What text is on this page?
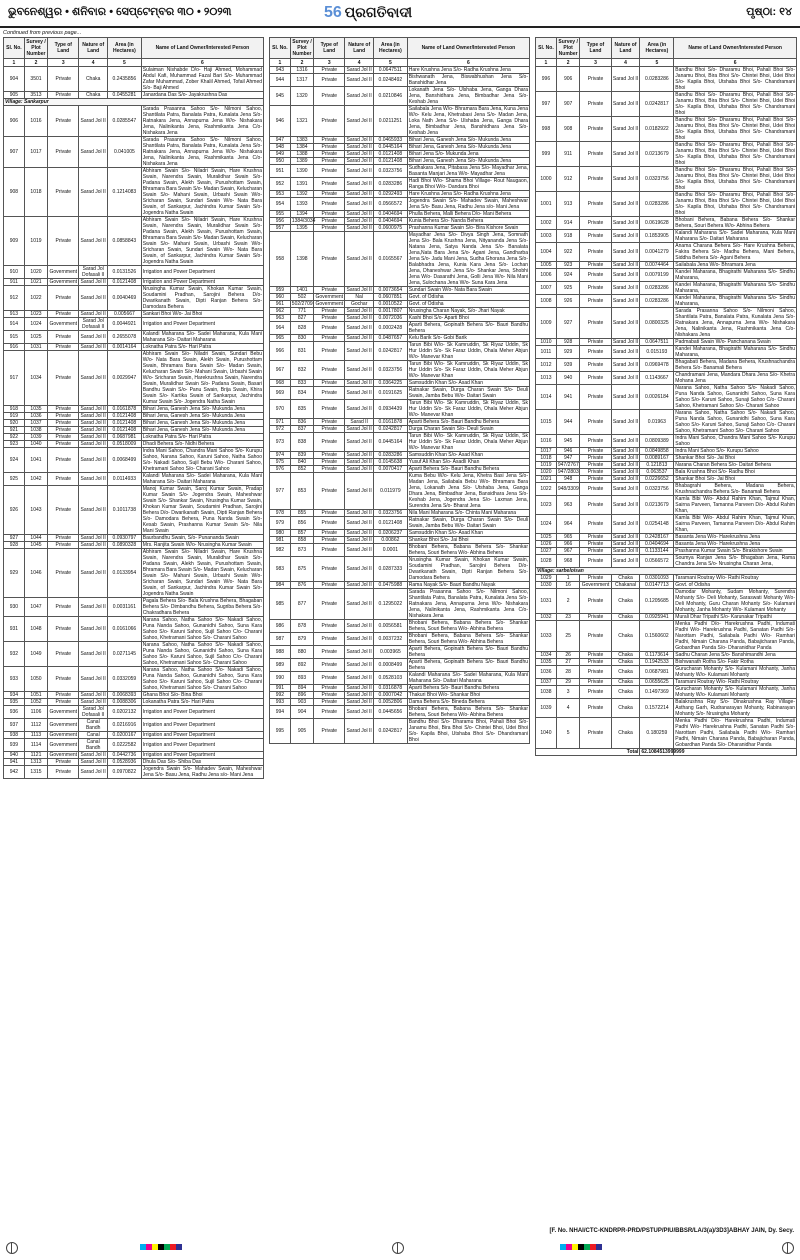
ଭୁବନେଶ୍ୱର • ଶନିବାର • ସେପ୍ଟେମ୍ବର ୩୦ • ୨୦୨୩	56 ପ୍ରଗତିବାଦୀ	ପୃଷ୍ଠା: ୧୪
Continued from previous page...
Sl. No.	Survey / Plot Number	Type of Land	Nature of Land	Area (in Hectares)	Name of Land Owner/Interested Person
1	2	3	4	5	6
904	3501	Private	Chaka	0.2435856	Sulaiman Nishabde D/o- Haji Ahmed, Mohammad Abdul Kafi, Muhammad Fazal Bari S/o- Muhammad Zafar Muhammad, Zober Khalil Ahmed, Tofail Ahmed S/o- Baji Ahmed
905	3513	Private	Chaka	0.0455281	Janardana Das S/o- Jayakrushna Das
Village: Sankarpur					
906	1016	Private	Sarad Jol II	0.0285547	Sarada Prasanna Sahoo S/o- Nilmoni Sahoo, Shantilata Patra, Banalata Patra, Kunalata Jena S/o- Ratnakara Jena, Annapurna Jena W/o- Nishakara Jena, Nalinikanta Jena, Rashmikanta Jena C/o- Nishakara Jena
907	1017	Private	Sarad Jol II	0.041005	Sarada Prasanna Sahoo S/o- Nilmoni Sahoo, Shantilata Patra, Banalata Patra, Kunalata Jena S/o- Ratnakara Jena, Annapurna Jena W/o- Nishakara Jena, Nalinikanta Jena, Rashmikanta Jena C/o- Nishakara Jena
908	1018	Private	Sarad Jol II	0.1214083	Abhiram Swain S/o- Niladri Swain, Hare Krushna Swain, Narendra Swain, Muralidhar Swain S/o- Padana Swain, Alekh Swain, Purushottam Swain, Bhramara Bara Swain S/o- Madan Swain, Kelucharan Swain S/o- Mahani Swain, Urbashi Swain W/o- Sricharan Swain, Sundari Swain W/o- Nata Bara Swain, of Sankarpur, Jachindra Kumar Swain S/o- Jogendra Natha Swain
909	1019	Private	Sarad Jol II	0.0858843	Abhiram Swain S/o- Niladri Swain, Hare Krushna Swain, Narendra Swain, Muralidhar Swain S/o- Padana Swain, Alekh Swain, Purushottam Swain, Bhramara Bara Swain S/o- Madan Swain, Kelucharan Swain S/o- Mahani Swain, Urbashi Swain W/o- Sricharan Swain, Sundari Swain W/o- Nata Bara Swain, of Sankarpur, Jachindra Kumar Swain S/o- Jogendra Natha Swain
910	1020	Government	Sarad Jol Dofasali II	0.0131526	Irrigation and Power Department
911	1021	Government	Sarad Jol II	0.0121408	Irrigation and Power Department
912	1022	Private	Sarad Jol II	0.0040469	Nrusingha Kumar Swain, Khokan Kumar Swain, Soudamini Pradhan, Sarojini Behera D/o- Dwarikanath Swain, Dipti Ranjan Behera S/o- Damodara Behera
913	1023	Private	Sarad Jol II	0.005667	Sankari Bhoi W/o- Jai Bhoi
914	1024	Government	Sarad Jol Dofasali II	0.0044921	Irrigation and Power Department
915	1025	Private	Sarad Jol II	0.2655078	Kalandi Maharana S/o- Sadei Maharana, Kula Mani Maharana S/o- Daitari Maharana
916	1031	Private	Sarad Jol II	0.0014164	Loknatha Patra S/o- Hari Patra
917	1034	Private	Sarad Jol II	0.0029947	Abhiram Swain S/o- Niladri Swain, Sundari Bebu W/o- Nata Bara Swain, Alekh Swain, Purushottam Swain, Bhramara Bara Swain S/o- Madan Swain, Kelucharan Swain S/o- Mahani Swain, Urbashi Swain W/o- Sricharan Swain, Harekrushna Swain, Narendra Swain, Muralidhar Swain S/o- Padana Swain, Basari Bandhu Swain S/o- Panu Swain, Brija Swain, Khira Swain S/o- Kartika Swain of Sankarpur, Jachindra Kumar Swain S/o- Jogendra Natha Swain
918	1035	Private	Sarad Jol II	0.0161878	Bihari Jena, Ganesh Jena S/o- Mukunda Jena
919	1036	Private	Sarad Jol II	0.0121408	Bihari Jena, Ganesh Jena S/o- Mukunda Jena
920	1037	Private	Sarad Jol II	0.0121408	Bihari Jena, Ganesh Jena S/o- Mukunda Jena
921	1038	Private	Sarad Jol II	0.0121408	Bihari Jena, Ganesh Jena S/o- Mukunda Jena
922	1039	Private	Sarad Jol II	0.0687981	Loknatha Patra S/o- Hari Patra
923	1040	Private	Sarad Jol II	0.0518009	Dhadi Behera S/o- Nidhi Behera
924	1041	Private	Sarad Jol II	0.0068499	Indra Mani Sahoo, Chandra Mani Sahoo S/o- Kurupu Sahoo, Narana Sahoo, Karuni Sahoo, Natha Sahoo S/o- Nakadi Sahoo, Sujil Bebu W/o- Charani Sahoo, Khetramani Sahoo S/o- Charani Sahoo
925	1042	Private	Sarad Jol II	0.0114933	Kalandi Maharana S/o- Sadei Maharana, Kula Mani Maharana S/o- Daitari Maharana
926	1043	Private	Sarad Jol II	0.1011738	Manoj Kumar Swain, Saroj Kumar Swain, Pradap Kumar Swain S/o- Jogendra Swain, Maheshwar Swain S/o- Shankar Swain, Nrusingha Kumar Swain, Khokan Kumar Swain, Soudamini Pradhan, Sarojini Behera D/o- Dwarikanath Swain, Dipti Ranjan Behera S/o- Damodara Behera, Puna Nanda Swain S/o- Kesab Swain, Prashanna Kumar Swain S/o- Nila Mani Swain
927	1044	Private	Sarad Jol II	0.0930797	Baurbandhu Swain, S/o- Punananda Swain
928	1045	Private	Sarad Jol II	0.0890328	Mrs. Ranjita Swain W/o- Nrusingha Kumar Swain
929	1046	Private	Sarad Jol II	0.0133954	Abhiram Swain S/o- Niladri Swain, Hare Krushna Swain, Narendra Swain, Muralidhar Swain S/o- Padana Swain, Alekh Swain, Purushottam Swain, Bhramara Bara Swain S/o- Madan Swain, Kelucharan Swain S/o- Mahani Swain, Urbashi Swain W/o- Sricharan Swain, Sundari Swain W/o- Nata Bara Swain, of Sankarpur, Jachindra Kumar Swain S/o- Jogendra Natha Swain
930	1047	Private	Sarad Jol II	0.0031161	Pagala Behera S/o- Bala Krushna Behera, Bhagaban Behera S/o- Dimbandhu Behera, Sugriba Behera S/o- Chakradhara Behera
931	1048	Private	Sarad Jol II	0.0161066	Narana Sahoo, Natha Sahoo S/o- Nakadi Sahoo, Puna Nanda Sahoo, Gunanidhi Sahoo, Suna Kara Sahoo S/o- Karuni Sahoo, Sujil Sahoo C/o- Charani Sahoo, Khetramani Sahoo S/o- Charani Sahoo
932	1049	Private	Sarad Jol II	0.0271145	Narana Sahoo, Natha Sahoo S/o- Nakadi Sahoo, Puna Nanda Sahoo, Gunanidhi Sahoo, Suna Kara Sahoo S/o- Karuni Sahoo, Sujil Sahoo C/o- Charani Sahoo, Khetramani Sahoo S/o- Charani Sahoo
933	1050	Private	Sarad Jol II	0.0332059	Narana Sahoo, Natha Sahoo S/o- Nakadi Sahoo, Puna Nanda Sahoo, Gunanidhi Sahoo, Suna Kara Sahoo S/o- Karuni Sahoo, Sujil Sahoo C/o- Charani Sahoo, Khetramani Sahoo S/o- Charani Sahoo
934	1051	Private	Sarad Jol II	0.0068393	Ghana Bhoi S/o- Bina Bhoi
935	1052	Private	Sarad Jol II	0.0088306	Lokanatha Patra S/o- Hari Patra
936	1106	Government	Sarad Jol Dofasali II	0.0202132	Irrigation and Power Department
937	1112	Government	Canal Bandh	0.0216916	Irrigation and Power Department
938	1113	Government	Canal	0.0200167	Irrigation and Power Department
939	1114	Government	Canal Bandh	0.0222582	Irrigation and Power Department
940	1121	Government	Sarad Jol II	0.0442736	Irrigation and Power Department
941	1313	Private	Sarad Jol II	0.0528936	Dhula Das S/o- Shiba Das
942	1315	Private	Sarad Jol II	0.0970822	Jogendra Swain S/o- Mahadev Swain, Maheshwar Jena S/o- Basu Jena, Radhu Jena s/o- Mani Jena
Sl. No.	Survey / Plot Number	Type of Land	Nature of Land	Area (in Hectares)	Name of Land Owner/Interested Person
1	2	3	4	5	6
943	1316	Private	Sarad Jol II	0.0647511	Hare Krushna Jena S/o- Radha Krushna Jena
944	1317	Private	Sarad Jol II	0.0248492	Bishwanath Jena, Biswabhushan Jena S/o- Banshidhar Jena
945	1320	Private	Sarad Jol II	0.0210846	Lokanath Jena S/o- Ulshaba Jena, Ganga Dhara Jena, Banshidhara Jena, Bimbadhar Jena S/o- Keshab Jena
946	1321	Private	Sarad Jol II	0.0211251	Sailabala Jena W/o- Bhramara Bara Jena, Kuna Jena W/o- Kelu Jena, Khetrabasi Jena S/o- Madan Jena, Loka Nath Jena S/o- Ulshaba Jena, Ganga Dhara Jena, Bimbadhar Jena, Banshidhara Jena S/o- Keshab Jena
947	1383	Private	Sarad Jol II	0.0465933	Bihari Jena, Ganesh Jena S/o- Mukunda Jena
948	1384	Private	Sarad Jol II	0.0445164	Bihari Jena, Ganesh Jena S/o- Mukunda Jena
949	1388	Private	Sarad Jol II	0.0121408	Bihari Jena S/o- Mukunda Jena
950	1389	Private	Sarad Jol II	0.0121408	Bihari Jena, Ganesh Jena S/o- Mukunda Jena
951	1390	Private	Sarad Jol II	0.0323756	Sudhakara Jena, Pitabasa Jena S/o- Mayadhar Jena, Basanta Manjari Jena W/o- Mayadhar Jena
952	1391	Private	Sarad Jol II	0.0283286	Hadi Bhoi W/o- Shama Bhoi Village- Rout Naugaon, Ranga Bhoi W/o- Dandara Bhoi
953	1392	Private	Sarad Jol II	0.0292493	Hare Krushna Jena S/o- Radha Krushna Jena
954	1393	Private	Sarad Jol II	0.0566572	Jogendra Swain S/o- Mahadev Swain, Maheshwar Jena S/o- Basu Jena, Radhu Jena s/o- Mani Jena
955	1394	Private	Sarad Jol II	0.0404694	Phulla Behera, Malli Behera D/o- Mani Behera
956	1384/3034	Private	Sarad Jol II	0.0404694	Kunia Behera S/o- Nanda Behera
957	1395	Private	Sarad Jol II	0.0600975	Prashanna Kumar Swain S/o- Bira Kishore Swain
958	1398	Private	Sarad Jol II	0.0165567	Mayadhar Jena S/o- Divya Singh Jena, Somnath Jena S/o- Bala Krushna Jena, Nityananda Jena S/o- Natana Jena, Satya Nanda Jena S/o- Banalata Jena,Nata Bara Jena S/o- Agani Jena, Gandharba Jena S/o- Jadu Mani Jena, Sudha Ghorana Jena S/o- Balabhadra Jena, Kunia Kara Jena S/o- Lochan Jena, Dhaneshwar Jena S/o- Shankar Jena, Shobhi Jena W/o- Dasarathi Jena, Golli Jena W/o- Nila Mani Jena, Sulochana Jena W/o- Suna Kara Jena
959	1401	Private	Sarad Jol II	0.0073654	Sundari Swain W/o- Nata Bara Swain
960	502	Government	Nal	0.0607851	Govt. of Odisha
961	502/2709	Government	Gochar	0.0010522	Govt. of Odisha
962	771	Private	Sarad Jol II	0.0017807	Nrusingha Charan Nayak, S/o- Jhari Nayak
963	827	Private	Sarad Jol II	0.0072036	Kashi Bhoi S/o- Aparti Bhoi
964	828	Private	Sarad Jol II	0.0002428	Aparti Behera, Gopinath Behera S/o- Bauri Bandhu Behera
965	830	Private	Sarad Jol II	0.0487657	Kelu Barik S/o- Gobi Barik
966	831	Private	Sarad Jol II	0.0242817	Tarun Bibi W/o- Sk Kamruddin, Sk Riyaz Uddin, Sk Hur Uddin S/o- Sk Faraz Uddin, Ohala Meher Abjun W/o- Manevar Khan
967	832	Private	Sarad Jol II	0.0323756	Tarun Bibi W/o- Sk Kamruddin, Sk Riyaz Uddin, Sk Hur Uddin S/o- Sk Faraz Uddin, Ohala Meher Abjun W/o- Manevar Khan
968	833	Private	Sarad Jol II	0.0364225	Samsuddin Khan S/o- Asad Khan
969	834	Private	Sarad Jol II	0.0191625	Ratnakar Swain, Durga Charan Swain S/o- Deuli Swain, Jamba Bebu W/o- Daitari Swain
970	835	Private	Sarad Jol II	0.0934439	Tarun Bibi W/o- Sk Kamruddin, Sk Riyaz Uddin, Sk Hur Uddin S/o- Sk Faraz Uddin, Ohala Meher Abjun W/o- Manevar Khan
971	836	Private	Sarad II	0.0161878	Aparti Behera S/o- Bauri Bandhu Behera
972	837	Private	Sarad Jol II	0.0242817	Durga Charan Swain S/o- Deuli Swain
973	838	Private	Sarad Jol II	0.0445164	Tarun Bibi W/o- Sk Kamruddin, Sk Riyaz Uddin, Sk Hur Uddin S/o- Sk Faraz Uddin, Ohala Meher Abjun W/o- Manevar Khan
974	839	Private	Sarad Jol II	0.0283286	Samsuddin Khan S/o- Asad Khan
975	840	Private	Sarad Jol II	0.0145638	Yusuf Ali Khan S/o- Asadli Khan
976	852	Private	Sarad Jol II	0.0070417	Aparti Behera S/o- Bauri Bandhu Behera
977	853	Private	Sarad Jol II	0.011979	Kuma Bebu W/o- Kelu Jena, Khetra Basi Jena S/o- Madan Jena, Sailabala Bebu W/o- Bhramara Bara Jena, Lokanath Jena S/o- Utshaba Jena, Ganga Dhara Jena, Bimbadhar Jena, Bansidhara Jena S/o- Keshab Jena, Jogendra Jena S/o- Laxman Jena, Surendra Jena S/o- Bharat Jena
978	855	Private	Sarad Jol II	0.0323756	Nila Mani Maharana S/o- Chinta Mani Maharana
979	856	Private	Sarad Jol II	0.0121408	Ratnakar Swain, Durga Charan Swain S/o- Deuli Swain, Jamba Bebu W/o- Daitari Swain
980	857	Private	Sarad Jol II	0.0206237	Samsuddin Khan S/o- Asad Khan
981	858	Private	Sarad Jol II	0.00862	Shankar Bhoi S/o- Jai Bhoi
982	873	Private	Sarad Jol II	0.0001	Bhobani Behera, Babana Behera S/o- Shankar Behera, Souri Behera W/o- Abhina Behera
983	875	Private	Sarad Jol II	0.0287333	Nrusingha Kumar Swain, Khokan Kumar Swain, Soudamini Pradhan, Sarojini Behera D/o- Dwarikanath Swain, Dipti Ranjan Behera S/o- Damodara Behera
984	876	Private	Sarad Jol II	0.0475988	Rama Nayak S/o- Bauri Bandhu Nayak
985	877	Private	Sarad Jol II	0.1295022	Sarada Prasanna Sahoo S/o- Nilmoni Sahoo, Shantilata Patra, Banalata Patra, Kunalata Jena S/o- Ratnakara Jena, Annapurna Jena W/o- Nishakara Jena, Nalinikanta Jena, Rashmikanta Jena C/o- Nishakara Jena
986	878	Private	Sarad Jol II	0.0056581	Bhobani Behera, Babana Behera S/o- Shankar Behera, Souri Behera W/o- Abhina Behera
987	879	Private	Sarad Jol II	0.0037232	Bhobani Behera, Babana Behera S/o- Shankar Behera, Souri Behera W/o- Abhina Behera
988	880	Private	Sarad Jol II	0.003965	Aparti Behera, Gopinath Behera S/o- Bauri Bandhu Behera
989	892	Private	Sarad Jol II	0.0008499	Aparti Behera, Gopinath Behera S/o- Bauri Bandhu Behera
990	893	Private	Sarad Jol II	0.0528103	Kalandi Maharana S/o- Sadei Maharana, Kula Mani Maharana S/o- Daitari Maharana
991	894	Private	Sarad Jol II	0.0316878	Aparti Behera S/o- Bauri Bandhu Behera
992	896	Private	Sarad Jol II	0.0007042	Thakuri Bhoi W/o- Shankar Bhoi
993	903	Private	Sarad Jol II	0.0052806	Dama Behera S/o- Bineda Behera
994	904	Private	Sarad Jol II	0.0445656	Bhobani Behera, Babana Behera S/o- Shankar Behera, Souri Behera W/o- Abhina Behera
995	905	Private	Sarad Jol II	0.0242817	Bandhu Bhoi S/o- Dharamu Bhoi, Pahali Bhoi S/o- Janamu Bhoi, Bira Bhoi S/o- Chintei Bhoi, Udei Bhoi S/o- Kapila Bhoi, Utshaba Bhoi S/o- Dhandramani Bhoi
Sl. No.	Survey / Plot Number	Type of Land	Nature of Land	Area (in Hectares)	Name of Land Owner/Interested Person
1	2	3	4	5	6
996	906	Private	Sarad Jol II	0.0283286	Bandhu Bhoi S/o- Dharamu Bhoi, Pahali Bhoi S/o- Janamu Bhoi, Bira Bhoi S/o- Chintei Bhoi, Udei Bhoi S/o- Kapila Bhoi, Utshaba Bhoi S/o- Chandramani Bhoi
997	907	Private	Sarad Jol II	0.0242817	Bandhu Bhoi S/o- Dharamu Bhoi, Pahali Bhoi S/o- Janamu Bhoi, Bira Bhoi S/o- Chintei Bhoi, Udei Bhoi S/o- Kapila Bhoi, Utshaba Bhoi S/o- Chandramani Bhoi
998	908	Private	Sarad Jol II	0.0182922	Bandhu Bhoi S/o- Dharamu Bhoi, Pahali Bhoi S/o- Janamu Bhoi, Bira Bhoi S/o- Chintei Bhoi, Udei Bhoi S/o- Kapila Bhoi, Utshaba Bhoi S/o- Chandramani Bhoi
999	911	Private	Sarad Jol II	0.0213679	Bandhu Bhoi S/o- Dharamu Bhoi, Pahali Bhoi S/o- Janamu Bhoi, Bira Bhoi S/o- Chintei Bhoi, Udei Bhoi S/o- Kapila Bhoi, Utshaba Bhoi S/o- Chandramani Bhoi
1000	912	Private	Sarad Jol II	0.0323756	Bandhu Bhoi S/o- Dharamu Bhoi, Pahali Bhoi S/o- Janamu Bhoi, Bira Bhoi S/o- Chintei Bhoi, Udei Bhoi S/o- Kapila Bhoi, Utshaba Bhoi S/o- Chandramani Bhoi
1001	913	Private	Sarad Jol II	0.0283286	Bandhu Bhoi S/o- Dharamu Bhoi, Pahali Bhoi S/o- Janamu Bhoi, Bira Bhoi S/o- Chintei Bhoi, Udei Bhoi S/o- Kapila Bhoi, Utshaba Bhoi S/o- Chandramani Bhoi
1002	914	Private	Sarad Jol II	0.0619628	Bhobani Behera, Babana Behera S/o- Shankar Behera, Souri Behera W/o- Abhina Behera
1003	918	Private	Sarad Jol II	0.1853905	Kalandi Maharana S/o- Sadei Maharana, Kula Mani Maharana S/o- Daitari Maharana
1004	922	Private	Sarad Jol II	0.0041279	Anama Charana Behera S/o- Hare Krushna Behera, Fakira Behera S/o- Madhu Behera, Mani Behera, Siddha Behera S/o- Agani Behera
1005	923	Private	Sarad Jol II	0.0074464	Sailabala Jena W/o- Bhramara Jena
1006	924	Private	Sarad Jol II	0.0079199	Kandei Maharana, Bhagirathi Maharana S/o- Sindhu Maharana,
1007	925	Private	Sarad Jol II	0.0283286	Kandei Maharana, Bhagirathi Maharana S/o- Sindhu Maharana,
1008	926	Private	Sarad Jol II	0.0283286	Kandei Maharana, Bhagirathi Maharana S/o- Sindhu Maharana,
1009	927	Private	Sarad Jol II	0.0800325	Sarada Prasanna Sahoo S/o- Nilmoni Sahoo, Shantilata Patra, Banalata Patra, Kunalata Jena S/o- Ratnakara Jena, Annapurna Jena W/o- Nishakara Jena, Nalinikanta Jena, Rashmikanta Jena C/o- Nishakara Jena
1010	928	Private	Sarad Jol II	0.0647511	Padmabati Swain W/o- Panchanana Swain
1011	929	Private	Sarad Jol II	0.015193	Kandei Maharana, Bhagirathi Maharana S/o- Sindhu Maharana,
1012	939	Private	Sarad Jol II	0.0969478	Bhagabati Behera, Madana Behera, Krushnachandra Behera S/o- Banamali Behera
1013	940	Private	Sarad Jol II	0.1143667	Chandramani Jena, Mandara Dhara Jena S/o- Khetra Mohana Jena
1014	941	Private	Sarad Jol II	0.0026184	Narana Sahoo, Natha Sahoo S/o- Nakadi Sahoo, Puna Nanda Sahoo, Gunanidhi Sahoo, Suna Kara Sahoo S/o- Karuni Sahoo, Sunaji Sahoo C/o- Charani Sahoo, Khetramani Sahoo S/o- Charani Sahoo
1015	944	Private	Sarad Jol II	0.01963	Narana Sahoo, Natha Sahoo S/o- Nakadi Sahoo, Puna Nanda Sahoo, Gunanidhi Sahoo, Suna Kara Sahoo S/o- Karuni Sahoo, Sunaji Sahoo C/o- Charani Sahoo, Khetramani Sahoo S/o- Charani Sahoo
1016	945	Private	Sarad Jol II	0.0809389	Indra Mani Sahoo, Chandra Mani Sahoo S/o- Kurupu Sahoo
1017	946	Private	Sarad Jol II	0.0849858	Indra Mani Sahoo S/o- Kurupu Sahoo
1018	947	Private	Sarad Jol II	0.0089167	Shankar Bhoi S/o- Jai Bhoi
1019	947/2767	Private	Sarad Jol II	0.121813	Narana Charan Behera S/o- Daitari Behera
1020	947/2803	Private	Sarad Jol II	0.063537	Bala Krushna Bhoi S/o- Radhu Bhoi
1021	948	Private	Sarad Jol II	0.0226652	Shankar Bhoi S/o- Jai Bhoi
1022	948/3309	Private	Sarad Jol II	0.0323756	Bhabagrahi Behera, Madana Behera, Krushnachandra Behera S/o- Banamali Behera
1023	963	Private	Sarad Jol II	0.0213679	Kamla Bibi W/o- Abdul Rahim Khan, Tajmul Khan, Sairna Parveen, Tamanna Parveen D/o- Abdul Rahim Khan,
1024	964	Private	Sarad Jol II	0.0254148	Kamla Bibi W/o- Abdul Rahim Khan, Tajmul Khan, Sairna Parveen, Tamanna Parveen D/o- Abdul Rahim Khan,
1025	965	Private	Sarad Jol II	0.2428167	Basanta Jena W/o- Harekrushna Jena
1026	966	Private	Sarad Jol II	0.0404694	Basanta Jena W/o- Harekrushna Jena
1027	967	Private	Sarad Jol II	0.1133144	Prashanna Kumar Swain S/o- Birakishore Swain
1028	968	Private	Sarad Jol II	0.0566572	Soumya Ranjan Jena S/o- Bhagaban Jena, Rama Chandra Jena S/o- Nrusingha Charan Jena,
Village: sarbeloisan					
1029	1	Private	Chaka	0.0301093	Taramani Routray W/o- Rathi Routray
1030	16	Government	Chakanal	0.0147713	Govt. of Odisha
1031	2	Private	Chaka	0.1205685	Damodar Mohanty, Sudam Mohanty, Surendra Mohanty S/o- Deli Mohanty, Saraswati Mohanty W/o- Deli Mohanty, Guru Charan Mohanty S/o- Kulamani Mohanty, Janha Mohanty W/o- Kulamani Mohanty
1032	23	Private	Chaka	0.0925941	Murali Dhar Tripathi S/o- Karunakar Tripathi
1033	25	Private	Chaka	0.1560602	Menka Padhi D/o- Harekrushna Padhi, Indumati Padhi W/o- Harekrushna Padhi, Sanatan Padhi S/o- Narottam Padhi, Sailabala Padhi W/o- Ramhari Padhi, Nimain Charana Panda, Babajicharan Panda, Gobardhan Panda S/o- Dharanidhar Panda
1034	26	Private	Chaka	0.1173614	Sadhu Charan Jena S/o- Banshimandhi Jena
1035	27	Private	Chaka	0.1942533	Bishwanath Rotha S/o- Fakir Rotha
1036	28	Private	Chaka	0.0687981	Gurucharan Mohanty S/o- Kulamani Mohanty, Janha Mohanty W/o- Kulamani Mohanty
1037	29	Private	Chaka	0.0655625	Taramani Routray W/o- Rathi Routray
1038	3	Private	Chaka	0.1497369	Gurucharan Mohanty S/o- Kulamani Mohanty, Janha Mohanty W/o- Kulamani Mohanty
1039	4	Private	Chaka	0.1572214	Balakrushna Ray S/o- Dinakrushna Ray Village- Asthang Garh, Rudranarayan Mohanty, Rabinarayan Mohanty S/o- Nrusingha Mohanty
1040	5	Private	Chaka	0.180259	Menka Padhi D/o- Harekrushna Padhi, Indumati Padhi W/o- Harekrushna Padhi, Sanatan Padhi S/o- Narottam Padhi, Sailabala Padhi W/o- Ramhari Padhi, Nimain Charana Panda, Babajicharan Panda, Gobardhan Panda S/o- Dharanidhar Panda
Total				62.1084513999999	
[F. No. NHAI/CTC-KNDRPR-PRD/PSTUP/PIU/BBSR/LA/3(a)/3D3]ABHAY JAIN, Dy. Secy.
